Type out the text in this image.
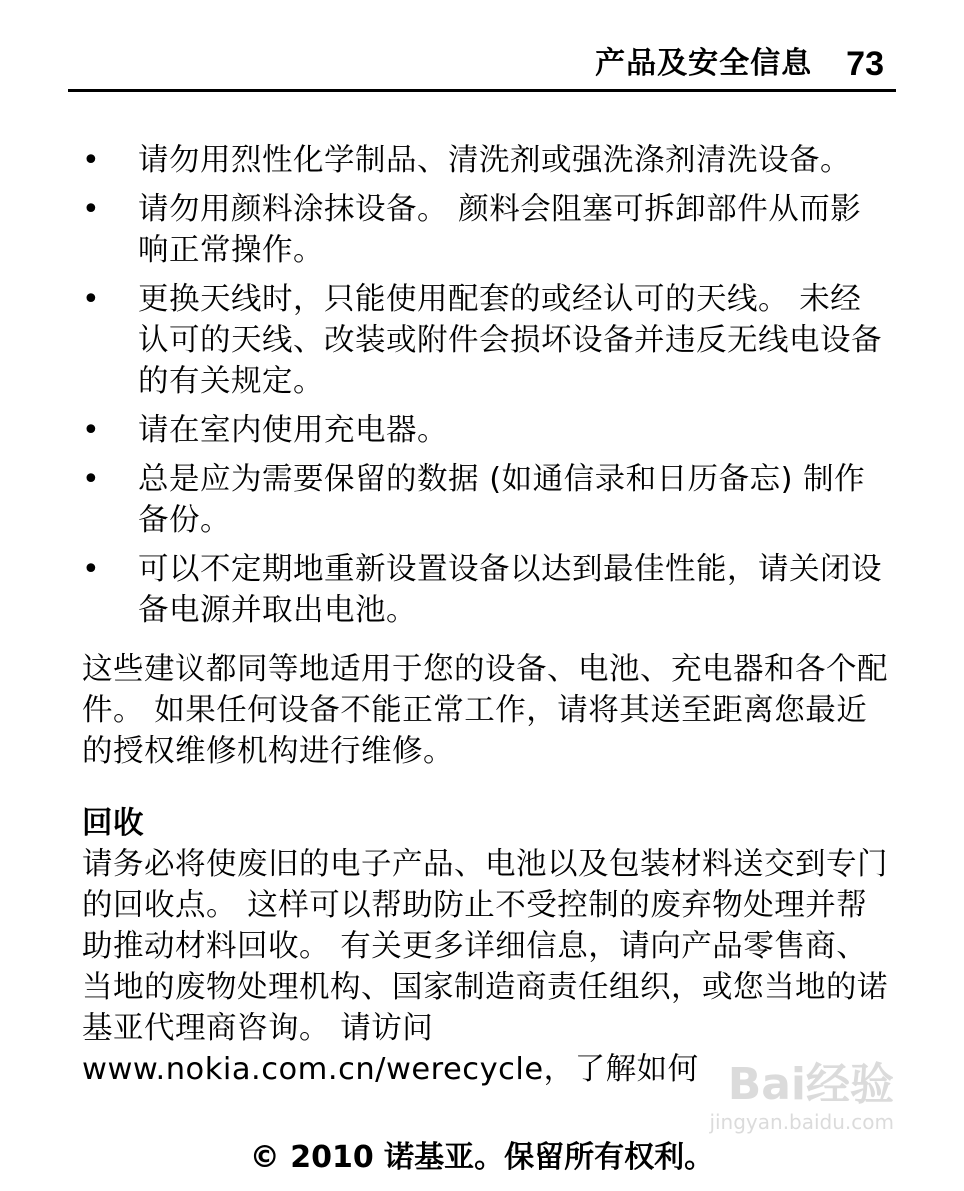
产品及安全信息 73
• 请勿用烈性化学制品、清洗剂或强洗涤剂清洗设备。
• 请勿用颜料涂抹设备。 颜料会阻塞可拆卸部件从而影响正常操作。
• 更换天线时，只能使用配套的或经认可的天线。 未经认可的天线、改装或附件会损坏设备并违反无线电设备的有关规定。
• 请在室内使用充电器。
• 总是应为需要保留的数据 (如通信录和日历备忘) 制作备份。
• 可以不定期地重新设置设备以达到最佳性能，请关闭设备电源并取出电池。

这些建议都同等地适用于您的设备、电池、充电器和各个配件。 如果任何设备不能正常工作，请将其送至距离您最近的授权维修机构进行维修。

回收

请务必将使废旧的电子产品、电池以及包装材料送交到专门的回收点。 这样可以帮助防止不受控制的废弃物处理并帮助推动材料回收。 有关更多详细信息，请向产品零售商、当地的废物处理机构、国家制造商责任组织，或您当地的诺基亚代理商咨询。 请访问 www.nokia.com.cn/werecycle，了解如何 Bai经验
jingyan.baidu.com
© 2010 诺基亚。保留所有权利。
